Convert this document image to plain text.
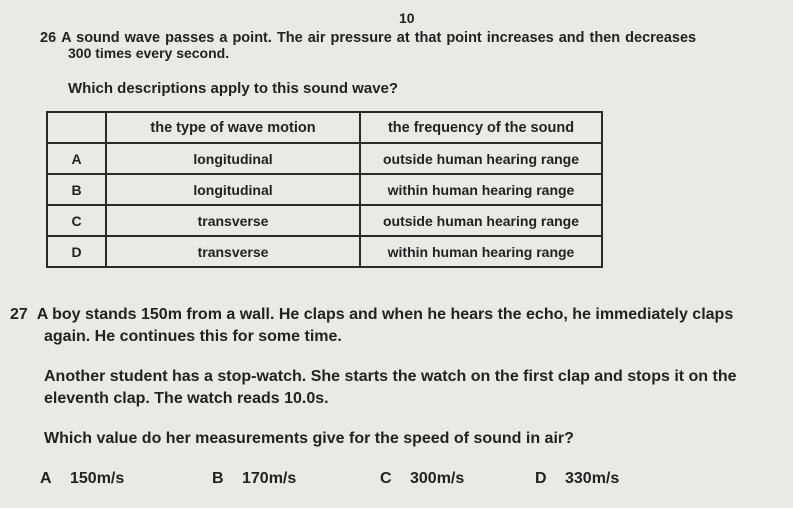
10
26 A sound wave passes a point. The air pressure at that point increases and then decreases
300 times every second.
Which descriptions apply to this sound wave?
	the type of wave motion	the frequency of the sound
A	longitudinal	outside human hearing range
B	longitudinal	within human hearing range
C	transverse	outside human hearing range
D	transverse	within human hearing range
27 A boy stands 150m from a wall. He claps and when he hears the echo, he immediately claps
again. He continues this for some time.
Another student has a stop-watch. She starts the watch on the first clap and stops it on the
eleventh clap. The watch reads 10.0s.
Which value do her measurements give for the speed of sound in air?
A 150m/s	B 170m/s	C 300m/s	D 330m/s
